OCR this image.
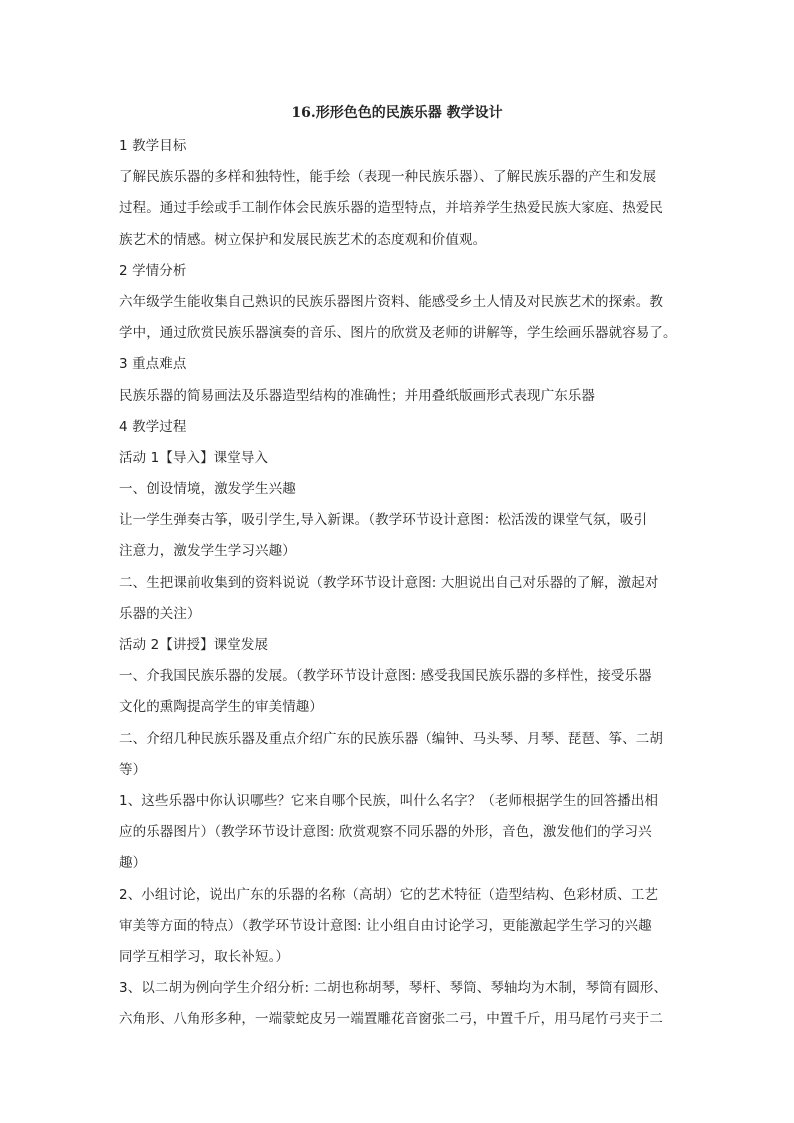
16.形形色色的民族乐器 教学设计
1 教学目标
了解民族乐器的多样和独特性，能手绘（表现一种民族乐器）、了解民族乐器的产生和发展
过程。通过手绘或手工制作体会民族乐器的造型特点，并培养学生热爱民族大家庭、热爱民
族艺术的情感。树立保护和发展民族艺术的态度观和价值观。
2 学情分析
六年级学生能收集自己熟识的民族乐器图片资料、能感受乡土人情及对民族艺术的探索。教
学中，通过欣赏民族乐器演奏的音乐、图片的欣赏及老师的讲解等，学生绘画乐器就容易了。
3 重点难点
民族乐器的简易画法及乐器造型结构的准确性；并用叠纸版画形式表现广东乐器
4 教学过程
活动 1【导入】课堂导入
一、创设情境，激发学生兴趣
让一学生弹奏古筝，吸引学生,导入新课。（教学环节设计意图：松活泼的课堂气氛，吸引
注意力，激发学生学习兴趣）
二、生把课前收集到的资料说说（教学环节设计意图: 大胆说出自己对乐器的了解，激起对
乐器的关注）
活动 2【讲授】课堂发展
一、介我国民族乐器的发展。（教学环节设计意图: 感受我国民族乐器的多样性，接受乐器
文化的熏陶提高学生的审美情趣）
二、介绍几种民族乐器及重点介绍广东的民族乐器（编钟、马头琴、月琴、琵琶、筝、二胡
等）
1、这些乐器中你认识哪些？它来自哪个民族，叫什么名字？（老师根据学生的回答播出相
应的乐器图片）（教学环节设计意图: 欣赏观察不同乐器的外形，音色，激发他们的学习兴
趣）
2、小组讨论，说出广东的乐器的名称（高胡）它的艺术特征（造型结构、色彩材质、工艺
审美等方面的特点）（教学环节设计意图: 让小组自由讨论学习，更能激起学生学习的兴趣
同学互相学习，取长补短。）
3、以二胡为例向学生介绍分析: 二胡也称胡琴，琴杆、琴筒、琴轴均为木制，琴筒有圆形、
六角形、八角形多种，一端蒙蛇皮另一端置雕花音窗张二弓，中置千斤，用马尾竹弓夹于二
